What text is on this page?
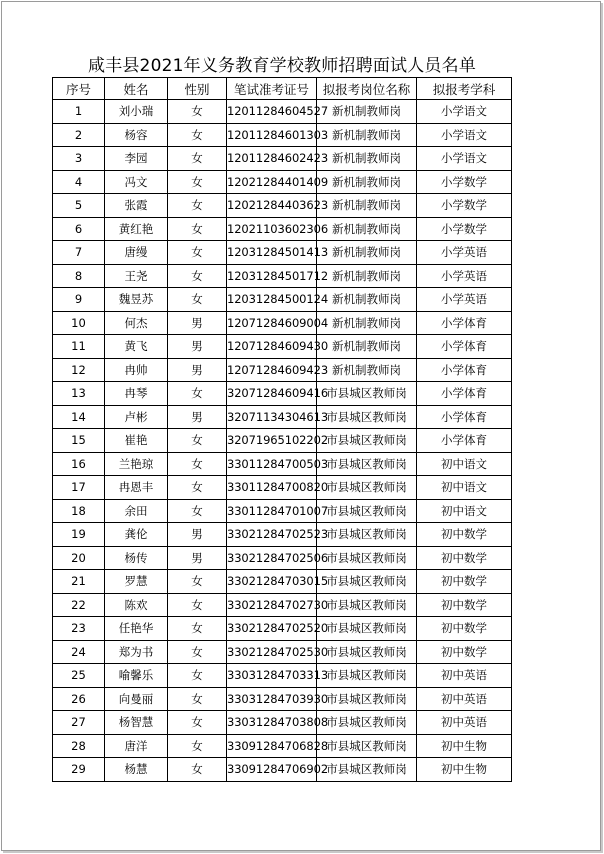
咸丰县2021年义务教育学校教师招聘面试人员名单
序号	姓名	性别	笔试准考证号	拟报考岗位名称	拟报考学科
1	刘小瑞	女	12011284604527	新机制教师岗	小学语文
2	杨容	女	12011284601303	新机制教师岗	小学语文
3	李园	女	12011284602423	新机制教师岗	小学语文
4	冯文	女	12021284401409	新机制教师岗	小学数学
5	张霞	女	12021284403623	新机制教师岗	小学数学
6	黄红艳	女	12021103602306	新机制教师岗	小学数学
7	唐缦	女	12031284501413	新机制教师岗	小学英语
8	王尧	女	12031284501712	新机制教师岗	小学英语
9	魏昱苏	女	12031284500124	新机制教师岗	小学英语
10	何杰	男	12071284609004	新机制教师岗	小学体育
11	黄飞	男	12071284609430	新机制教师岗	小学体育
12	冉帅	男	12071284609423	新机制教师岗	小学体育
13	冉琴	女	32071284609416	市县城区教师岗	小学体育
14	卢彬	男	32071134304613	市县城区教师岗	小学体育
15	崔艳	女	32071965102202	市县城区教师岗	小学体育
16	兰艳琼	女	33011284700503	市县城区教师岗	初中语文
17	冉恩丰	女	33011284700820	市县城区教师岗	初中语文
18	余田	女	33011284701007	市县城区教师岗	初中语文
19	龚伦	男	33021284702523	市县城区教师岗	初中数学
20	杨传	男	33021284702506	市县城区教师岗	初中数学
21	罗慧	女	33021284703015	市县城区教师岗	初中数学
22	陈欢	女	33021284702730	市县城区教师岗	初中数学
23	任艳华	女	33021284702520	市县城区教师岗	初中数学
24	郑为书	女	33021284702530	市县城区教师岗	初中数学
25	喻馨乐	女	33031284703313	市县城区教师岗	初中英语
26	向曼丽	女	33031284703930	市县城区教师岗	初中英语
27	杨智慧	女	33031284703808	市县城区教师岗	初中英语
28	唐洋	女	33091284706828	市县城区教师岗	初中生物
29	杨慧	女	33091284706902	市县城区教师岗	初中生物
